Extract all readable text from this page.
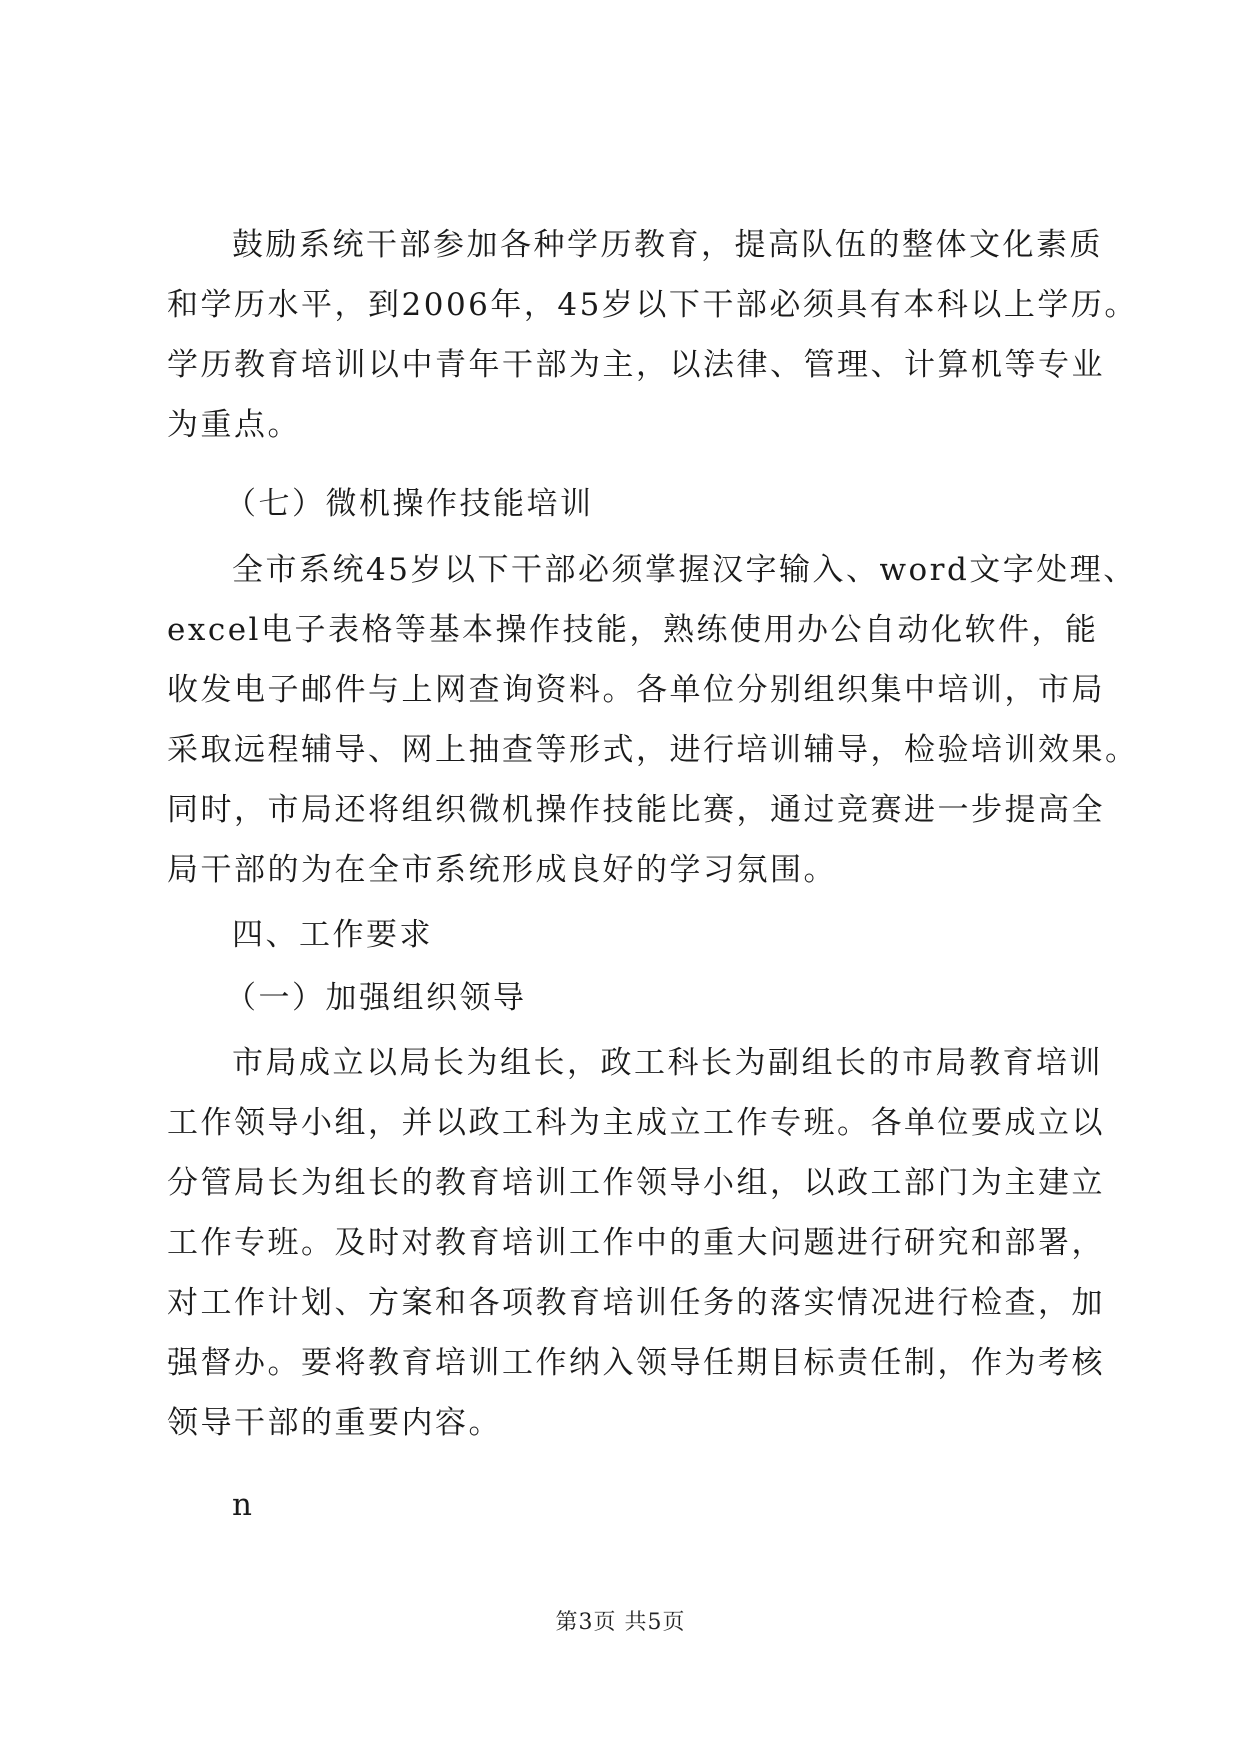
鼓励系统干部参加各种学历教育，提高队伍的整体文化素质
和学历水平，到2006年，45岁以下干部必须具有本科以上学历。
学历教育培训以中青年干部为主，以法律、管理、计算机等专业
为重点。
（七）微机操作技能培训
全市系统45岁以下干部必须掌握汉字输入、word文字处理、
excel电子表格等基本操作技能，熟练使用办公自动化软件，能
收发电子邮件与上网查询资料。各单位分别组织集中培训，市局
采取远程辅导、网上抽查等形式，进行培训辅导，检验培训效果。
同时，市局还将组织微机操作技能比赛，通过竞赛进一步提高全
局干部的为在全市系统形成良好的学习氛围。
四、工作要求
（一）加强组织领导
市局成立以局长为组长，政工科长为副组长的市局教育培训
工作领导小组，并以政工科为主成立工作专班。各单位要成立以
分管局长为组长的教育培训工作领导小组，以政工部门为主建立
工作专班。及时对教育培训工作中的重大问题进行研究和部署，
对工作计划、方案和各项教育培训任务的落实情况进行检查，加
强督办。要将教育培训工作纳入领导任期目标责任制，作为考核
领导干部的重要内容。
n
第3页 共5页
